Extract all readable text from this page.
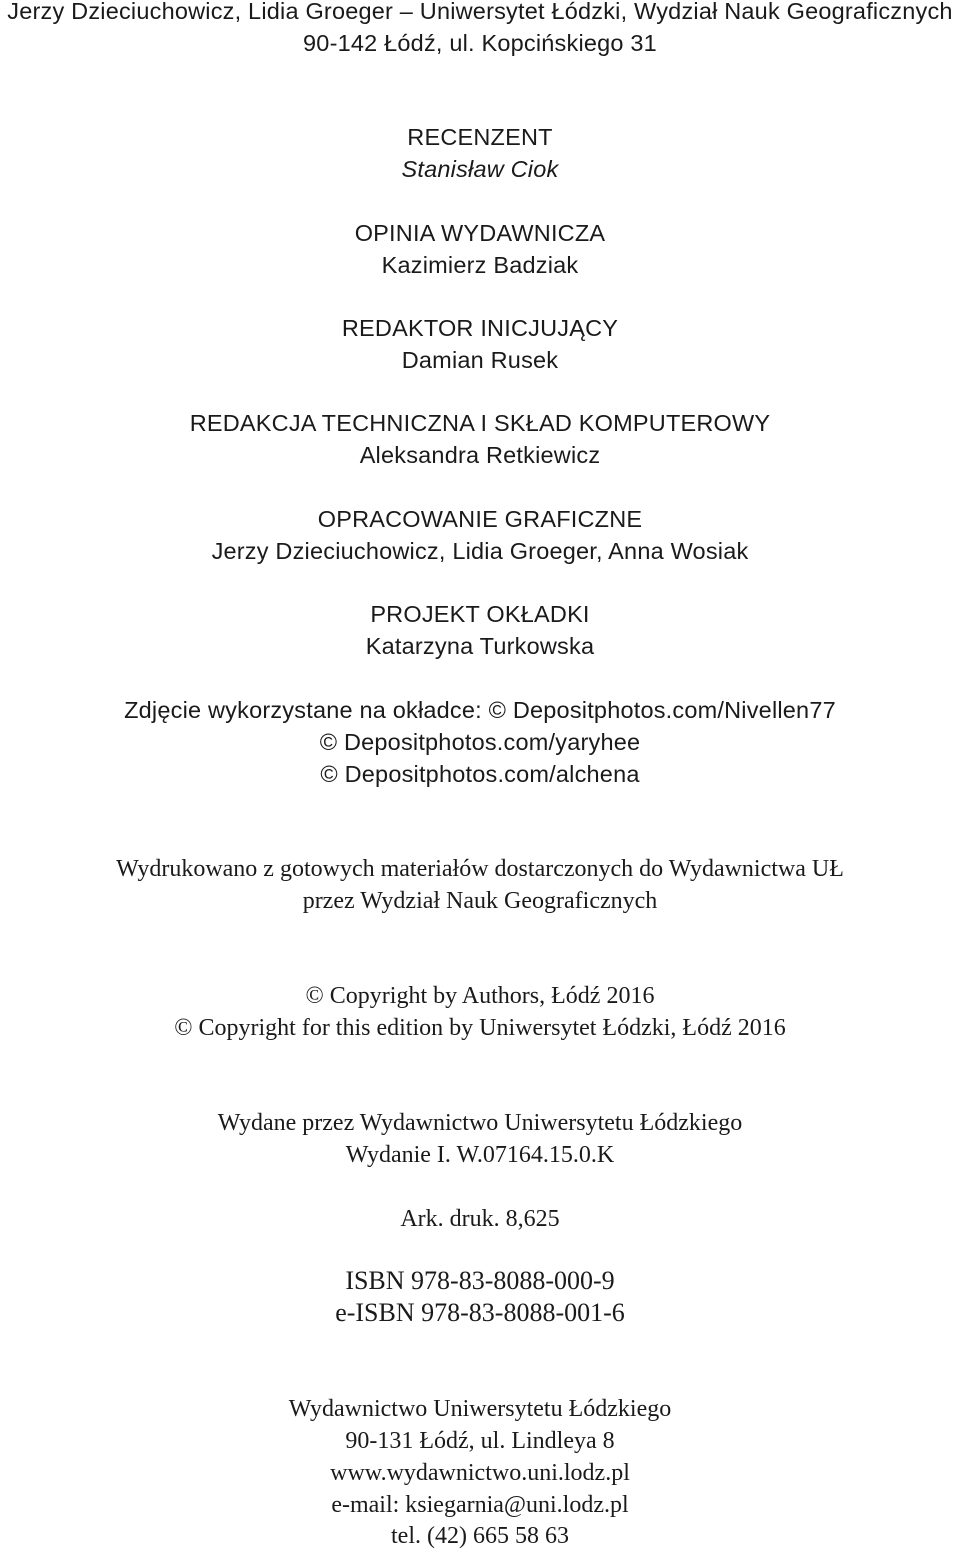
Jerzy Dzieciuchowicz, Lidia Groeger – Uniwersytet Łódzki, Wydział Nauk Geograficznych
90-142 Łódź, ul. Kopcińskiego 31
RECENZENT
Stanisław Ciok
OPINIA WYDAWNICZA
Kazimierz Badziak
REDAKTOR INICJUJĄCY
Damian Rusek
REDAKCJA TECHNICZNA I SKŁAD KOMPUTEROWY
Aleksandra Retkiewicz
OPRACOWANIE GRAFICZNE
Jerzy Dzieciuchowicz, Lidia Groeger, Anna Wosiak
PROJEKT OKŁADKI
Katarzyna Turkowska
Zdjęcie wykorzystane na okładce: © Depositphotos.com/Nivellen77
© Depositphotos.com/yaryhee
© Depositphotos.com/alchena
Wydrukowano z gotowych materiałów dostarczonych do Wydawnictwa UŁ
przez Wydział Nauk Geograficznych
© Copyright by Authors, Łódź 2016
© Copyright for this edition by Uniwersytet Łódzki, Łódź 2016
Wydane przez Wydawnictwo Uniwersytetu Łódzkiego
Wydanie I. W.07164.15.0.K
Ark. druk. 8,625
ISBN 978-83-8088-000-9
e-ISBN 978-83-8088-001-6
Wydawnictwo Uniwersytetu Łódzkiego
90-131 Łódź, ul. Lindleya 8
www.wydawnictwo.uni.lodz.pl
e-mail: ksiegarnia@uni.lodz.pl
tel. (42) 665 58 63
